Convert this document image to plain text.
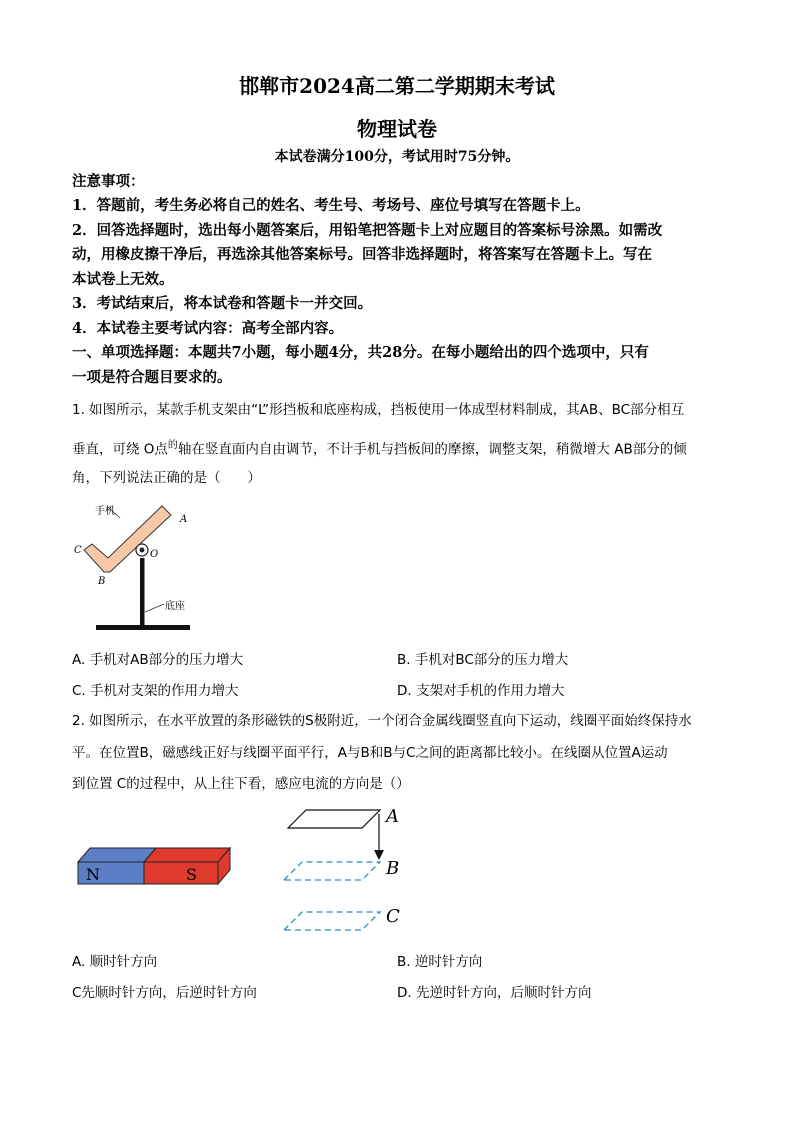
邯郸市2024高二第二学期期末考试
物理试卷
本试卷满分100分，考试用时75分钟。
注意事项：
1．答题前，考生务必将自己的姓名、考生号、考场号、座位号填写在答题卡上。
2．回答选择题时，选出每小题答案后，用铅笔把答题卡上对应题目的答案标号涂黑。如需改
动，用橡皮擦干净后，再选涂其他答案标号。回答非选择题时，将答案写在答题卡上。写在
本试卷上无效。
3．考试结束后，将本试卷和答题卡一并交回。
4．本试卷主要考试内容：高考全部内容。
一、单项选择题：本题共7小题，每小题4分，共28分。在每小题给出的四个选项中，只有
一项是符合题目要求的。
1. 如图所示，某款手机支架由“L”形挡板和底座构成，挡板使用一体成型材料制成，其AB、BC部分相互
垂直，可绕 O点$^的$轴在竖直面内自由调节，不计手机与挡板间的摩擦，调整支架，稍微增大 AB部分的倾
角，下列说法正确的是（　　）
手机
A
C
B
O
底座
A. 手机对AB部分的压力增大	B. 手机对BC部分的压力增大
C. 手机对支架的作用力增大	D. 支架对手机的作用力增大
2. 如图所示，在水平放置的条形磁铁的S极附近，一个闭合金属线圈竖直向下运动，线圈平面始终保持水
平。在位置B，磁感线正好与线圈平面平行，A与B和B与C之间的距离都比较小。在线圈从位置A运动
到位置 C的过程中，从上往下看，感应电流的方向是（）
N	S
A
B
C
A. 顺时针方向	B. 逆时针方向
C先顺时针方向，后逆时针方向	D. 先逆时针方向，后顺时针方向
